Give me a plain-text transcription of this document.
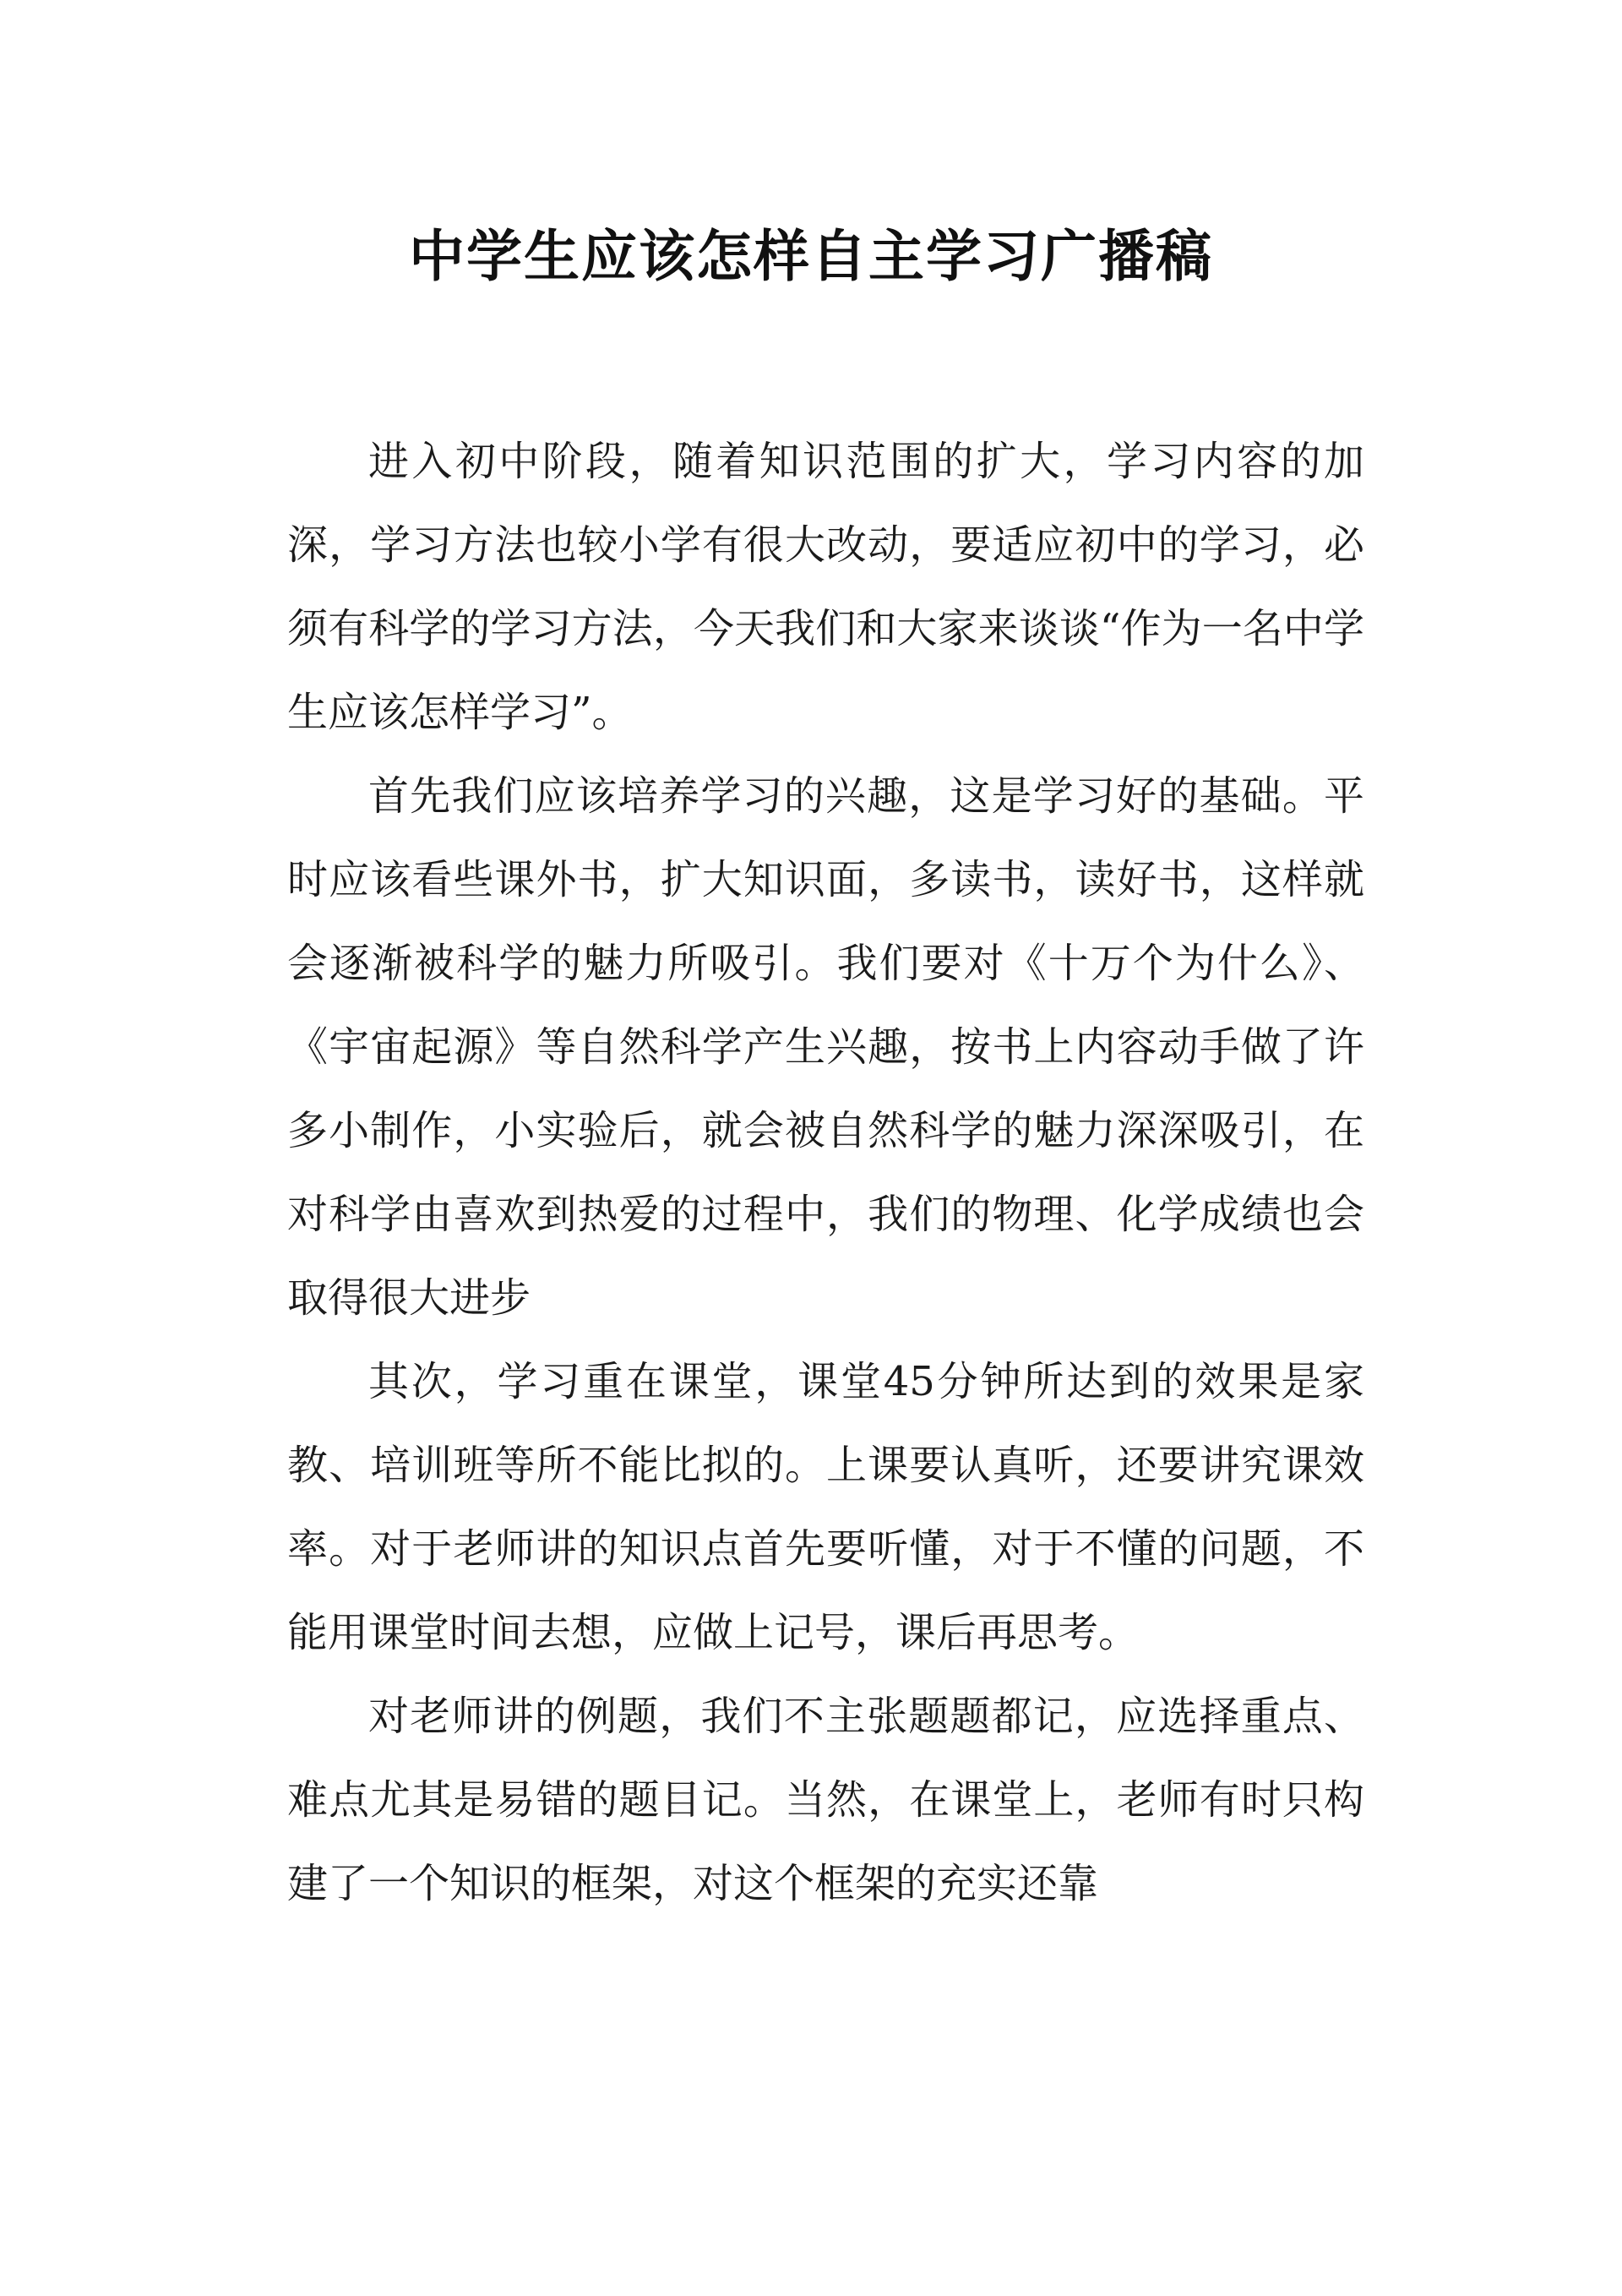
中学生应该怎样自主学习广播稿

进入初中阶段，随着知识范围的扩大，学习内容的加深，学习方法也较小学有很大改动，要适应初中的学习，必须有科学的学习方法，今天我们和大家来谈谈“作为一名中学生应该怎样学习”。

首先我们应该培养学习的兴趣，这是学习好的基础。平时应该看些课外书，扩大知识面，多读书，读好书，这样就会逐渐被科学的魅力所吸引。我们要对《十万个为什么》、《宇宙起源》等自然科学产生兴趣，按书上内容动手做了许多小制作，小实验后，就会被自然科学的魅力深深吸引，在对科学由喜欢到热爱的过程中，我们的物理、化学成绩也会取得很大进步

其次，学习重在课堂，课堂45分钟所达到的效果是家教、培训班等所不能比拟的。上课要认真听，还要讲究课效率。对于老师讲的知识点首先要听懂，对于不懂的问题，不能用课堂时间去想，应做上记号，课后再思考。

对老师讲的例题，我们不主张题题都记，应选择重点、难点尤其是易错的题目记。当然，在课堂上，老师有时只构建了一个知识的框架，对这个框架的充实还靠
